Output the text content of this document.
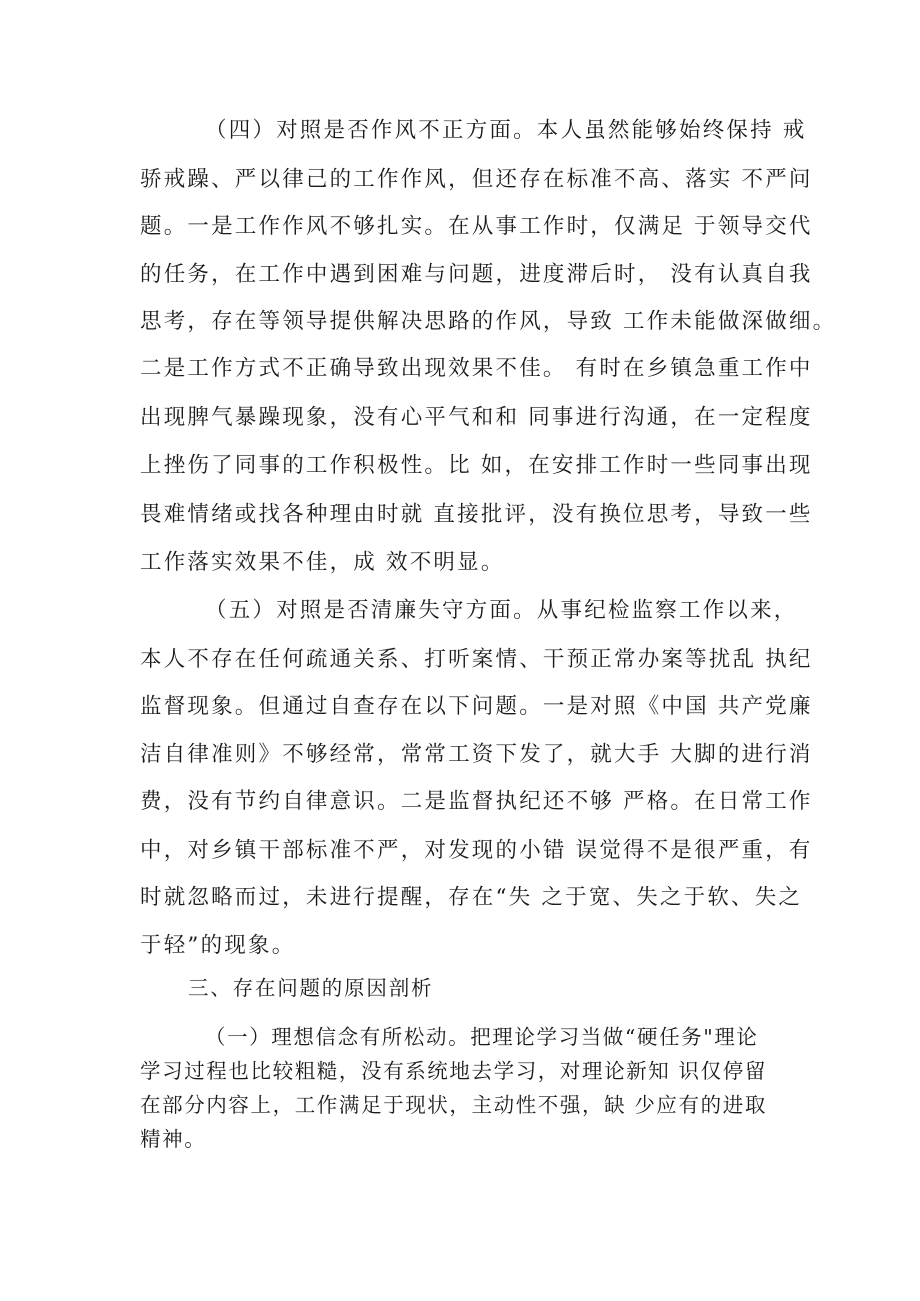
（四）对照是否作风不正方面。本人虽然能够始终保持 戒

骄戒躁、严以律己的工作作风，但还存在标准不高、落实 不严问

题。一是工作作风不够扎实。在从事工作时，仅满足 于领导交代

的任务，在工作中遇到困难与问题，进度滞后时， 没有认真自我

思考，存在等领导提供解决思路的作风，导致 工作未能做深做细。

二是工作方式不正确导致出现效果不佳。 有时在乡镇急重工作中

出现脾气暴躁现象，没有心平气和和 同事进行沟通，在一定程度

上挫伤了同事的工作积极性。比 如，在安排工作时一些同事出现

畏难情绪或找各种理由时就 直接批评，没有换位思考，导致一些

工作落实效果不佳，成 效不明显。

（五）对照是否清廉失守方面。从事纪检监察工作以来，

本人不存在任何疏通关系、打听案情、干预正常办案等扰乱 执纪

监督现象。但通过自查存在以下问题。一是对照《中国 共产党廉

洁自律准则》不够经常，常常工资下发了，就大手 大脚的进行消

费，没有节约自律意识。二是监督执纪还不够 严格。在日常工作

中，对乡镇干部标准不严，对发现的小错 误觉得不是很严重，有

时就忽略而过，未进行提醒，存在“失 之于宽、失之于软、失之

于轻”的现象。

三、存在问题的原因剖析

（一）理想信念有所松动。把理论学习当做“硬任务"理论

学习过程也比较粗糙，没有系统地去学习，对理论新知 识仅停留

在部分内容上，工作满足于现状，主动性不强，缺 少应有的进取

精神。
